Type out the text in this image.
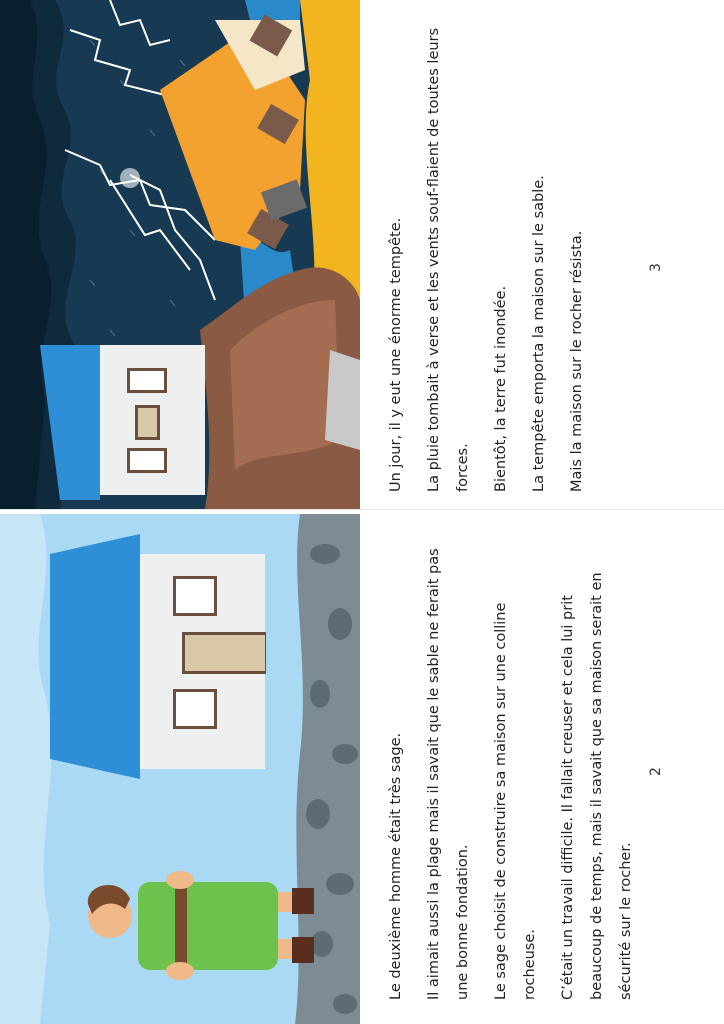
Un jour, il y eut une énorme tempête.	La pluie tombait à verse et les vents souf-flaient de toutes leurs forces.	Bientôt, la terre fut inondée.	La tempête emporta la maison sur le sable.	Mais la maison sur le rocher résista.	3

Le deuxième homme était très sage.	Il aimait aussi la plage mais il savait que le sable ne ferait pas une bonne fondation.	Le sage choisit de construire sa maison sur une colline rocheuse.	C’était un travail difficile. Il fallait creuser et cela lui prit beaucoup de temps, mais il savait que sa maison serait en sécurité sur le rocher.

2
